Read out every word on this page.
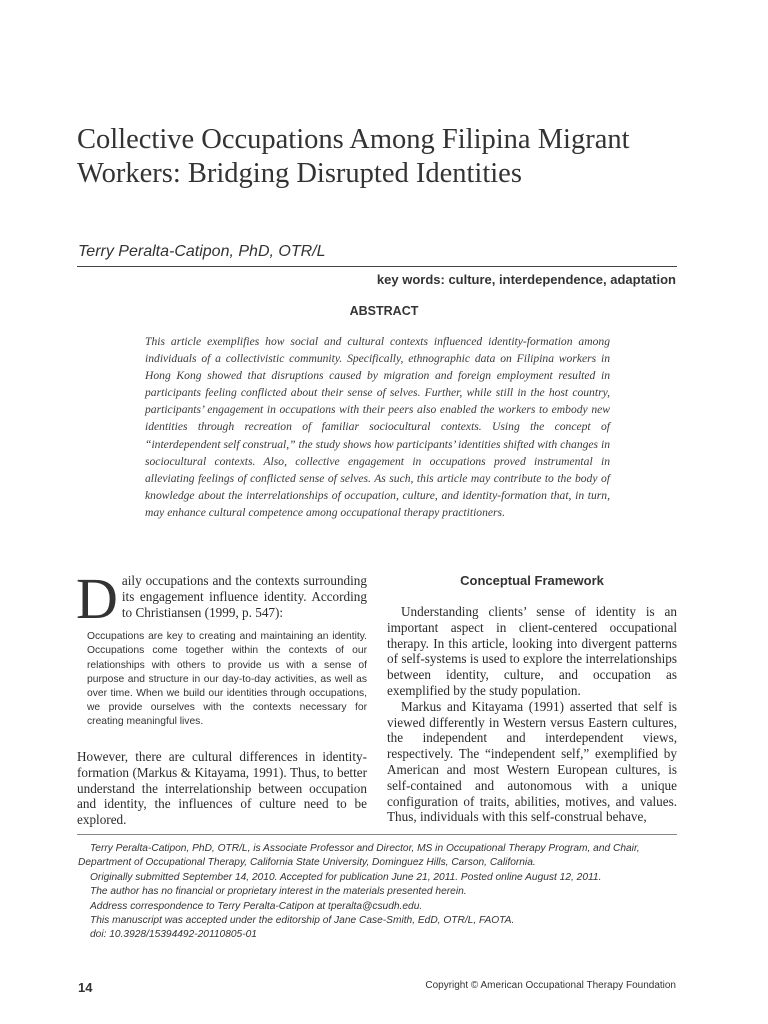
Collective Occupations Among Filipina Migrant Workers: Bridging Disrupted Identities
Terry Peralta-Catipon, PhD, OTR/L
key words: culture, interdependence, adaptation
ABSTRACT
This article exemplifies how social and cultural contexts influenced identity-formation among individuals of a collectivistic community. Specifically, ethnographic data on Filipina workers in Hong Kong showed that disruptions caused by migration and foreign employment resulted in participants feeling conflicted about their sense of selves. Further, while still in the host country, participants’ engagement in occupations with their peers also enabled the workers to embody new identities through recreation of familiar sociocultural contexts. Using the concept of “interdependent self construal,” the study shows how participants’ identities shifted with changes in sociocultural contexts. Also, collective engagement in occupations proved instrumental in alleviating feelings of conflicted sense of selves. As such, this article may contribute to the body of knowledge about the interrelationships of occupation, culture, and identity-formation that, in turn, may enhance cultural competence among occupational therapy practitioners.

Daily occupations and the contexts surrounding its engagement influence identity. According to Christiansen (1999, p. 547):

Occupations are key to creating and maintaining an identity. Occupations come together within the contexts of our relationships with others to provide us with a sense of purpose and structure in our day-to-day activities, as well as over time. When we build our identities through occupations, we provide ourselves with the contexts necessary for creating meaningful lives.

However, there are cultural differences in identity-formation (Markus & Kitayama, 1991). Thus, to better understand the interrelationship between occupation and identity, the influences of culture need to be explored.

Conceptual Framework

Understanding clients’ sense of identity is an important aspect in client-centered occupational therapy. In this article, looking into divergent patterns of self-systems is used to explore the interrelationships between identity, culture, and occupation as exemplified by the study population.

Markus and Kitayama (1991) asserted that self is viewed differently in Western versus Eastern cultures, the independent and interdependent views, respectively. The “independent self,” exemplified by American and most Western European cultures, is self-contained and autonomous with a unique configuration of traits, abilities, motives, and values. Thus, individuals with this self-construal behave,

Terry Peralta-Catipon, PhD, OTR/L, is Associate Professor and Director, MS in Occupational Therapy Program, and Chair, Department of Occupational Therapy, California State University, Dominguez Hills, Carson, California.

Originally submitted September 14, 2010. Accepted for publication June 21, 2011. Posted online August 12, 2011.

The author has no financial or proprietary interest in the materials presented herein.

Address correspondence to Terry Peralta-Catipon at tperalta@csudh.edu.

This manuscript was accepted under the editorship of Jane Case-Smith, EdD, OTR/L, FAOTA.

doi: 10.3928/15394492-20110805-01

14	Copyright © American Occupational Therapy Foundation
